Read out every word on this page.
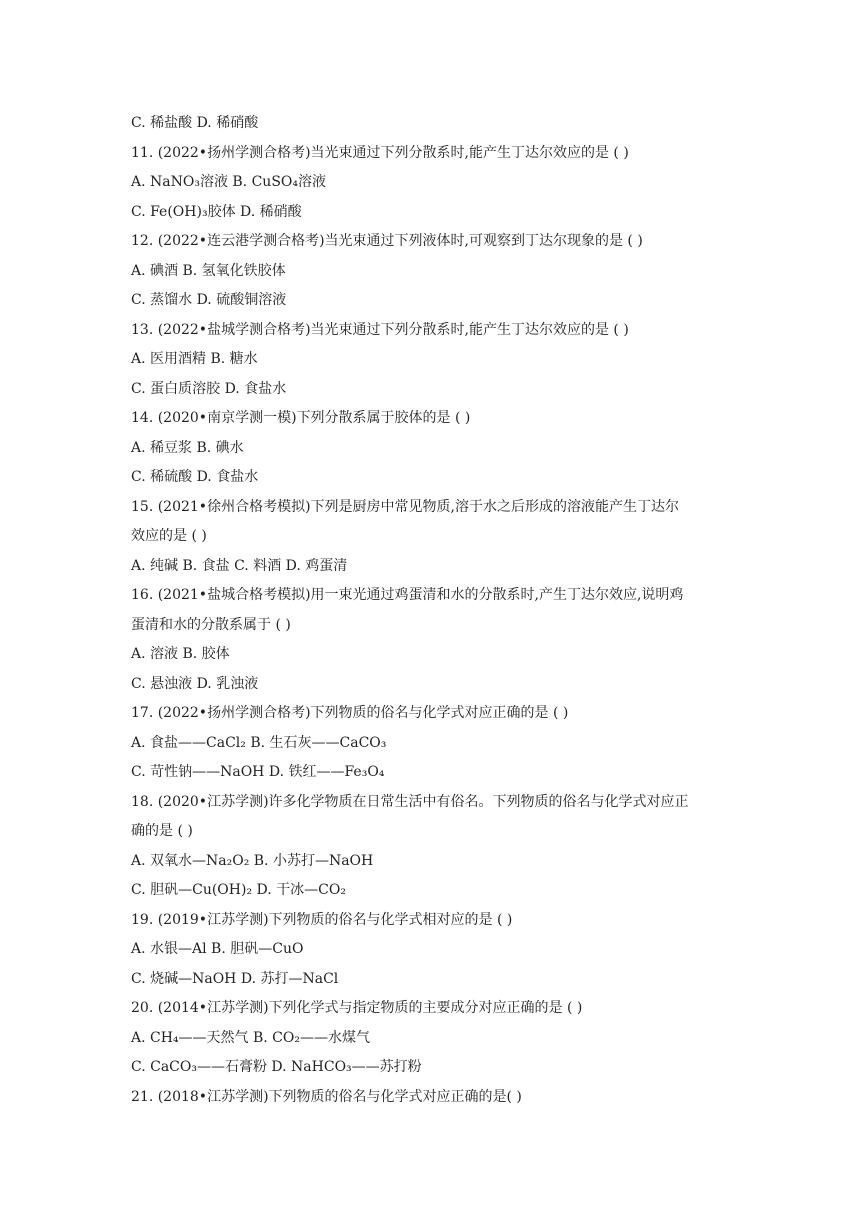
C. 稀盐酸 D. 稀硝酸
11. (2022•扬州学测合格考)当光束通过下列分散系时,能产生丁达尔效应的是 ( )
A. NaNO₃溶液 B. CuSO₄溶液
C. Fe(OH)₃胶体 D. 稀硝酸
12. (2022•连云港学测合格考)当光束通过下列液体时,可观察到丁达尔现象的是 ( )
A. 碘酒 B. 氢氧化铁胶体
C. 蒸馏水 D. 硫酸铜溶液
13. (2022•盐城学测合格考)当光束通过下列分散系时,能产生丁达尔效应的是 ( )
A. 医用酒精 B. 糖水
C. 蛋白质溶胶 D. 食盐水
14. (2020•南京学测一模)下列分散系属于胶体的是 ( )
A. 稀豆浆 B. 碘水
C. 稀硫酸 D. 食盐水
15. (2021•徐州合格考模拟)下列是厨房中常见物质,溶于水之后形成的溶液能产生丁达尔
效应的是 ( )
A. 纯碱 B. 食盐 C. 料酒 D. 鸡蛋清
16. (2021•盐城合格考模拟)用一束光通过鸡蛋清和水的分散系时,产生丁达尔效应,说明鸡
蛋清和水的分散系属于 ( )
A. 溶液 B. 胶体
C. 悬浊液 D. 乳浊液
17. (2022•扬州学测合格考)下列物质的俗名与化学式对应正确的是 ( )
A. 食盐——CaCl₂ B. 生石灰——CaCO₃
C. 苛性钠——NaOH D. 铁红——Fe₃O₄
18. (2020•江苏学测)许多化学物质在日常生活中有俗名。下列物质的俗名与化学式对应正
确的是 ( )
A. 双氧水—Na₂O₂ B. 小苏打—NaOH
C. 胆矾—Cu(OH)₂ D. 干冰—CO₂
19. (2019•江苏学测)下列物质的俗名与化学式相对应的是 ( )
A. 水银—Al B. 胆矾—CuO
C. 烧碱—NaOH D. 苏打—NaCl
20. (2014•江苏学测)下列化学式与指定物质的主要成分对应正确的是 ( )
A. CH₄——天然气 B. CO₂——水煤气
C. CaCO₃——石膏粉 D. NaHCO₃——苏打粉
21. (2018•江苏学测)下列物质的俗名与化学式对应正确的是( )
